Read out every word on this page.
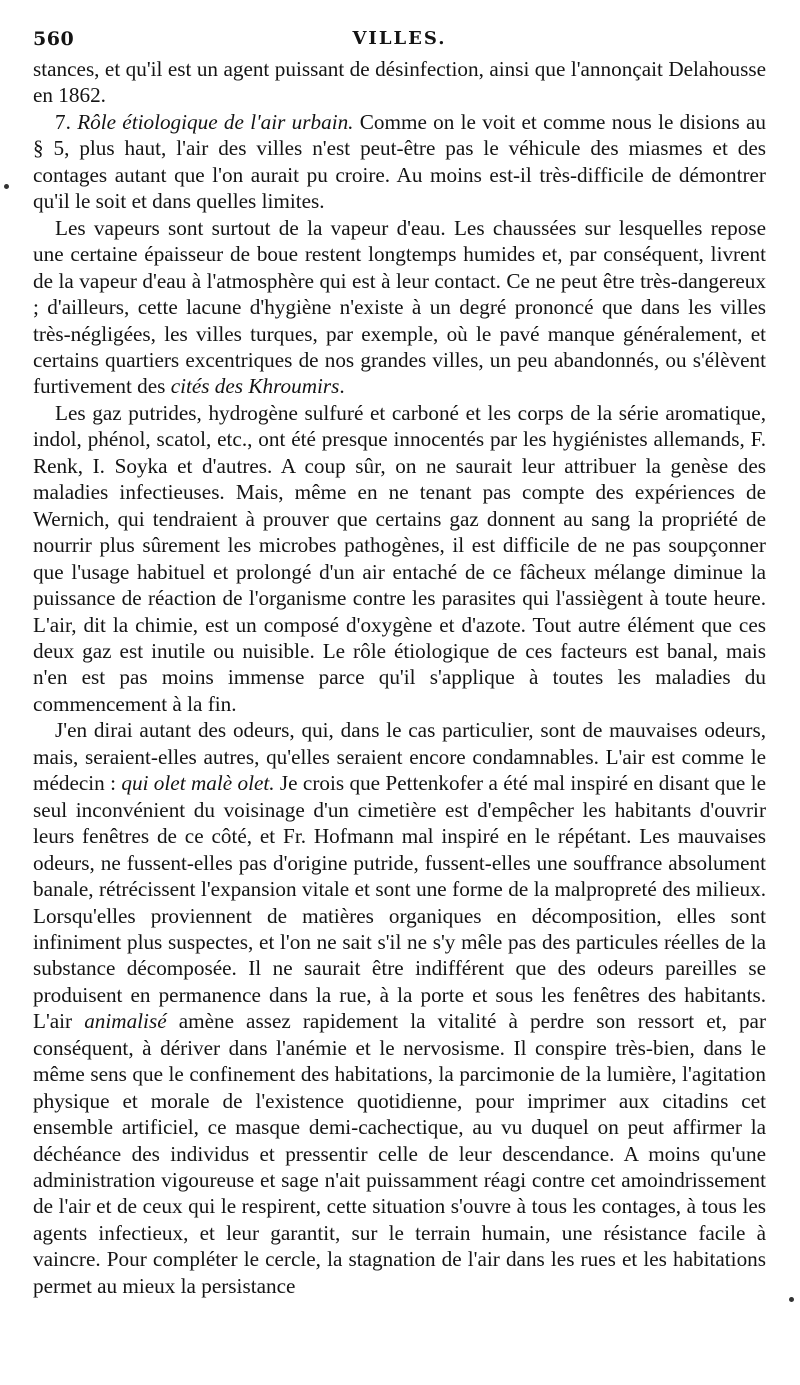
560	VILLES.

stances, et qu'il est un agent puissant de désinfection, ainsi que l'annonçait Delahousse en 1862.

7. Rôle étiologique de l'air urbain. Comme on le voit et comme nous le disions au § 5, plus haut, l'air des villes n'est peut-être pas le véhicule des miasmes et des contages autant que l'on aurait pu croire. Au moins est-il très-difficile de démontrer qu'il le soit et dans quelles limites.

Les vapeurs sont surtout de la vapeur d'eau. Les chaussées sur lesquelles repose une certaine épaisseur de boue restent longtemps humides et, par conséquent, livrent de la vapeur d'eau à l'atmosphère qui est à leur contact. Ce ne peut être très-dangereux ; d'ailleurs, cette lacune d'hygiène n'existe à un degré prononcé que dans les villes très-négligées, les villes turques, par exemple, où le pavé manque généralement, et certains quartiers excentriques de nos grandes villes, un peu abandonnés, ou s'élèvent furtivement des cités des Khroumirs.

Les gaz putrides, hydrogène sulfuré et carboné et les corps de la série aromatique, indol, phénol, scatol, etc., ont été presque innocentés par les hygiénistes allemands, F. Renk, I. Soyka et d'autres. A coup sûr, on ne saurait leur attribuer la genèse des maladies infectieuses. Mais, même en ne tenant pas compte des expériences de Wernich, qui tendraient à prouver que certains gaz donnent au sang la propriété de nourrir plus sûrement les microbes pathogènes, il est difficile de ne pas soupçonner que l'usage habituel et prolongé d'un air entaché de ce fâcheux mélange diminue la puissance de réaction de l'organisme contre les parasites qui l'assiègent à toute heure. L'air, dit la chimie, est un composé d'oxygène et d'azote. Tout autre élément que ces deux gaz est inutile ou nuisible. Le rôle étiologique de ces facteurs est banal, mais n'en est pas moins immense parce qu'il s'applique à toutes les maladies du commencement à la fin.

J'en dirai autant des odeurs, qui, dans le cas particulier, sont de mauvaises odeurs, mais, seraient-elles autres, qu'elles seraient encore condamnables. L'air est comme le médecin : qui olet malè olet. Je crois que Pettenkofer a été mal inspiré en disant que le seul inconvénient du voisinage d'un cimetière est d'empêcher les habitants d'ouvrir leurs fenêtres de ce côté, et Fr. Hofmann mal inspiré en le répétant. Les mauvaises odeurs, ne fussent-elles pas d'origine putride, fussent-elles une souffrance absolument banale, rétrécissent l'expansion vitale et sont une forme de la malpropreté des milieux. Lorsqu'elles proviennent de matières organiques en décomposition, elles sont infiniment plus suspectes, et l'on ne sait s'il ne s'y mêle pas des particules réelles de la substance décomposée. Il ne saurait être indifférent que des odeurs pareilles se produisent en permanence dans la rue, à la porte et sous les fenêtres des habitants. L'air animalisé amène assez rapidement la vitalité à perdre son ressort et, par conséquent, à dériver dans l'anémie et le nervosisme. Il conspire très-bien, dans le même sens que le confinement des habitations, la parcimonie de la lumière, l'agitation physique et morale de l'existence quotidienne, pour imprimer aux citadins cet ensemble artificiel, ce masque demi-cachectique, au vu duquel on peut affirmer la déchéance des individus et pressentir celle de leur descendance. A moins qu'une administration vigoureuse et sage n'ait puissamment réagi contre cet amoindrissement de l'air et de ceux qui le respirent, cette situation s'ouvre à tous les contages, à tous les agents infectieux, et leur garantit, sur le terrain humain, une résistance facile à vaincre. Pour compléter le cercle, la stagnation de l'air dans les rues et les habitations permet au mieux la persistance
